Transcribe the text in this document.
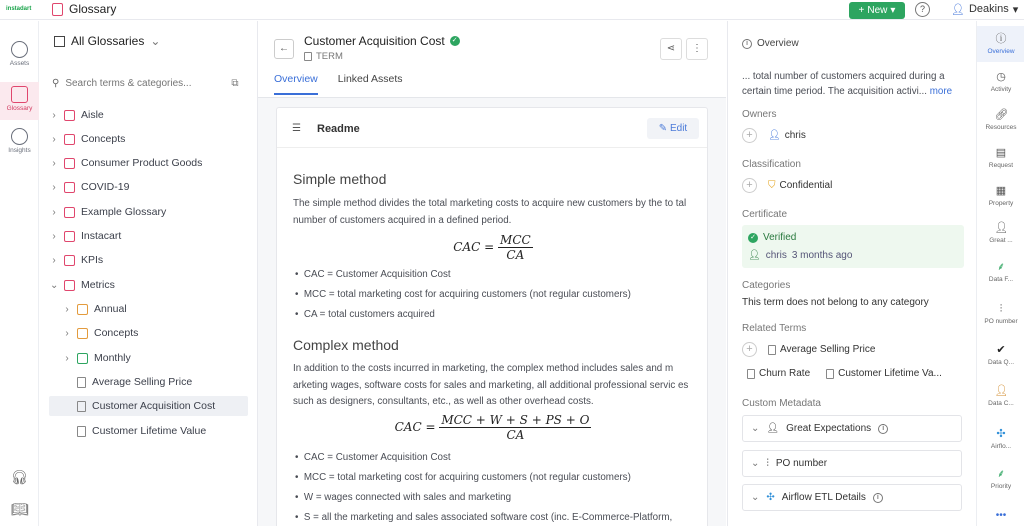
instadart	Glossary	+ New ▾	?	👤︎ Deakins ▾
Assets
Glossary
Insights
🎧︎
📖︎
All Glossaries ⌄
⚲
Search terms & categories...	⧉
› Aisle
› Concepts
› Consumer Product Goods
› COVID-19
› Example Glossary
› Instacart
› KPIs
⌄ Metrics
› Annual
› Concepts
› Monthly
Average Selling Price
Customer Acquisition Cost
Customer Lifetime Value
←
Customer Acquisition Cost ✓
TERM
⋖	⋮
Overview Linked Assets
☰ Readme	✎ Edit
Simple method
The simple method divides the total marketing costs to acquire new customers by the to tal number of customers acquired in a defined period.
CAC = $\frac{\text{MCC}}{CA}$
•  CAC = Customer Acquisition Cost
•  MCC = total marketing cost for acquiring customers (not regular customers)
•  CA = total customers acquired
Complex method
In addition to the costs incurred in marketing, the complex method includes sales and m arketing wages, software costs for sales and marketing, all additional professional servic es such as designers, consultants, etc., as well as other overhead costs.
CAC = $\frac{\text{MCC + W + S + PS + O}}{CA}$
•  CAC = Customer Acquisition Cost
•  MCC = total marketing cost for acquiring customers (not regular customers)
•  W = wages connected with sales and marketing
•  S = all the marketing and sales associated software cost (inc. E-Commerce-Platform,
i Overview
... total number of customers acquired during a certain time period. The acquisition activi... more
Owners
+	👤︎ chris
Classification
+	⛉ Confidential
Certificate
✓ Verified
👤︎ chris 3 months ago
Categories
This term does not belong to any category
Related Terms
+	Average Selling Price
Churn Rate	Customer Lifetime Va...
Custom Metadata
⌄ 👤︎ Great Expectations	i
⌄ ⫶ PO number
⌄ ✣ Airflow ETL Details	i
ⓘ
Overview
◷
Activity
🔗︎
Resources
▤
Request
▦
Property
👤︎
Great ...
⸙
Data F...
⫶
PO number
✔
Data Q...
👤︎
Data C...
✣
Airflo...
⸙
Priority
•••
